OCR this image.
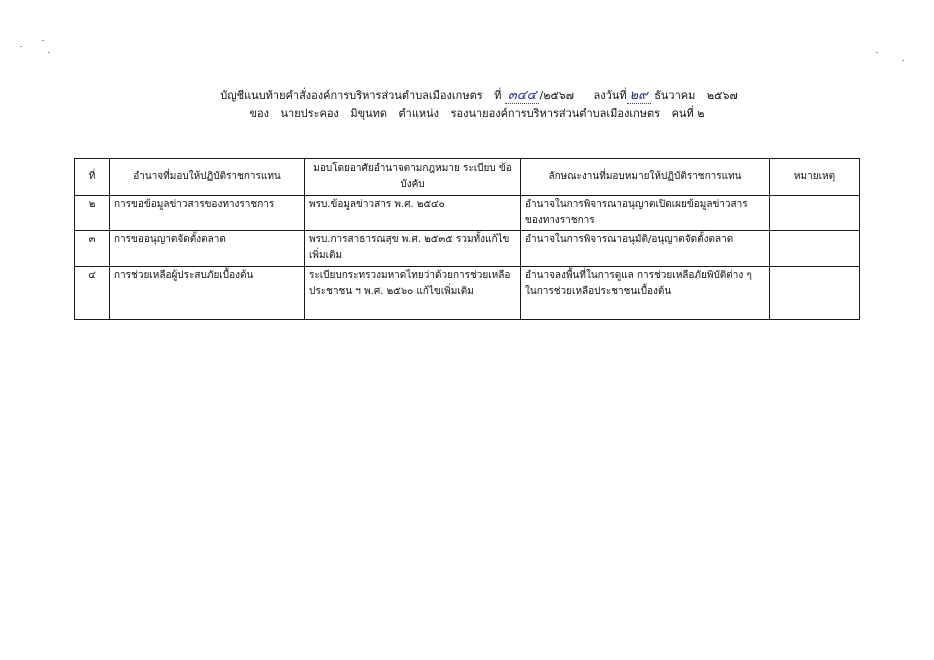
บัญชีแนบท้ายคำสั่งองค์การบริหารส่วนตำบลเมืองเกษตร ที่ ๓๔๔ /๒๕๖๗ ลงวันที่ ๒๙ ธันวาคม ๒๕๖๗
ของ นายประคอง มิขุนทด ตำแหน่ง รองนายองค์การบริหารส่วนตำบลเมืองเกษตร คนที่ ๒
ที่	อำนาจที่มอบให้ปฏิบัติราชการแทน	มอบโดยอาศัยอำนาจตามกฎหมาย ระเบียบ ข้อบังคับ	ลักษณะงานที่มอบหมายให้ปฏิบัติราชการแทน	หมายเหตุ
๒	การขอข้อมูลข่าวสารของทางราชการ	พรบ.ข้อมูลข่าวสาร พ.ศ. ๒๕๔๐	อำนาจในการพิจารณาอนุญาตเปิดเผยข้อมูลข่าวสารของทางราชการ	
๓	การขออนุญาตจัดตั้งตลาด	พรบ.การสาธารณสุข พ.ศ. ๒๕๓๕ รวมทั้งแก้ไขเพิ่มเติม	อำนาจในการพิจารณาอนุมัติ/อนุญาตจัดตั้งตลาด	
๔	การช่วยเหลือผู้ประสบภัยเบื้องต้น	ระเบียบกระทรวงมหาดไทยว่าด้วยการช่วยเหลือประชาชน ฯ พ.ศ. ๒๕๖๐ แก้ไขเพิ่มเติม	อำนาจลงพื้นที่ในการดูแล การช่วยเหลือภัยพิบัติต่าง ๆ ในการช่วยเหลือประชาชนเบื้องต้น	
